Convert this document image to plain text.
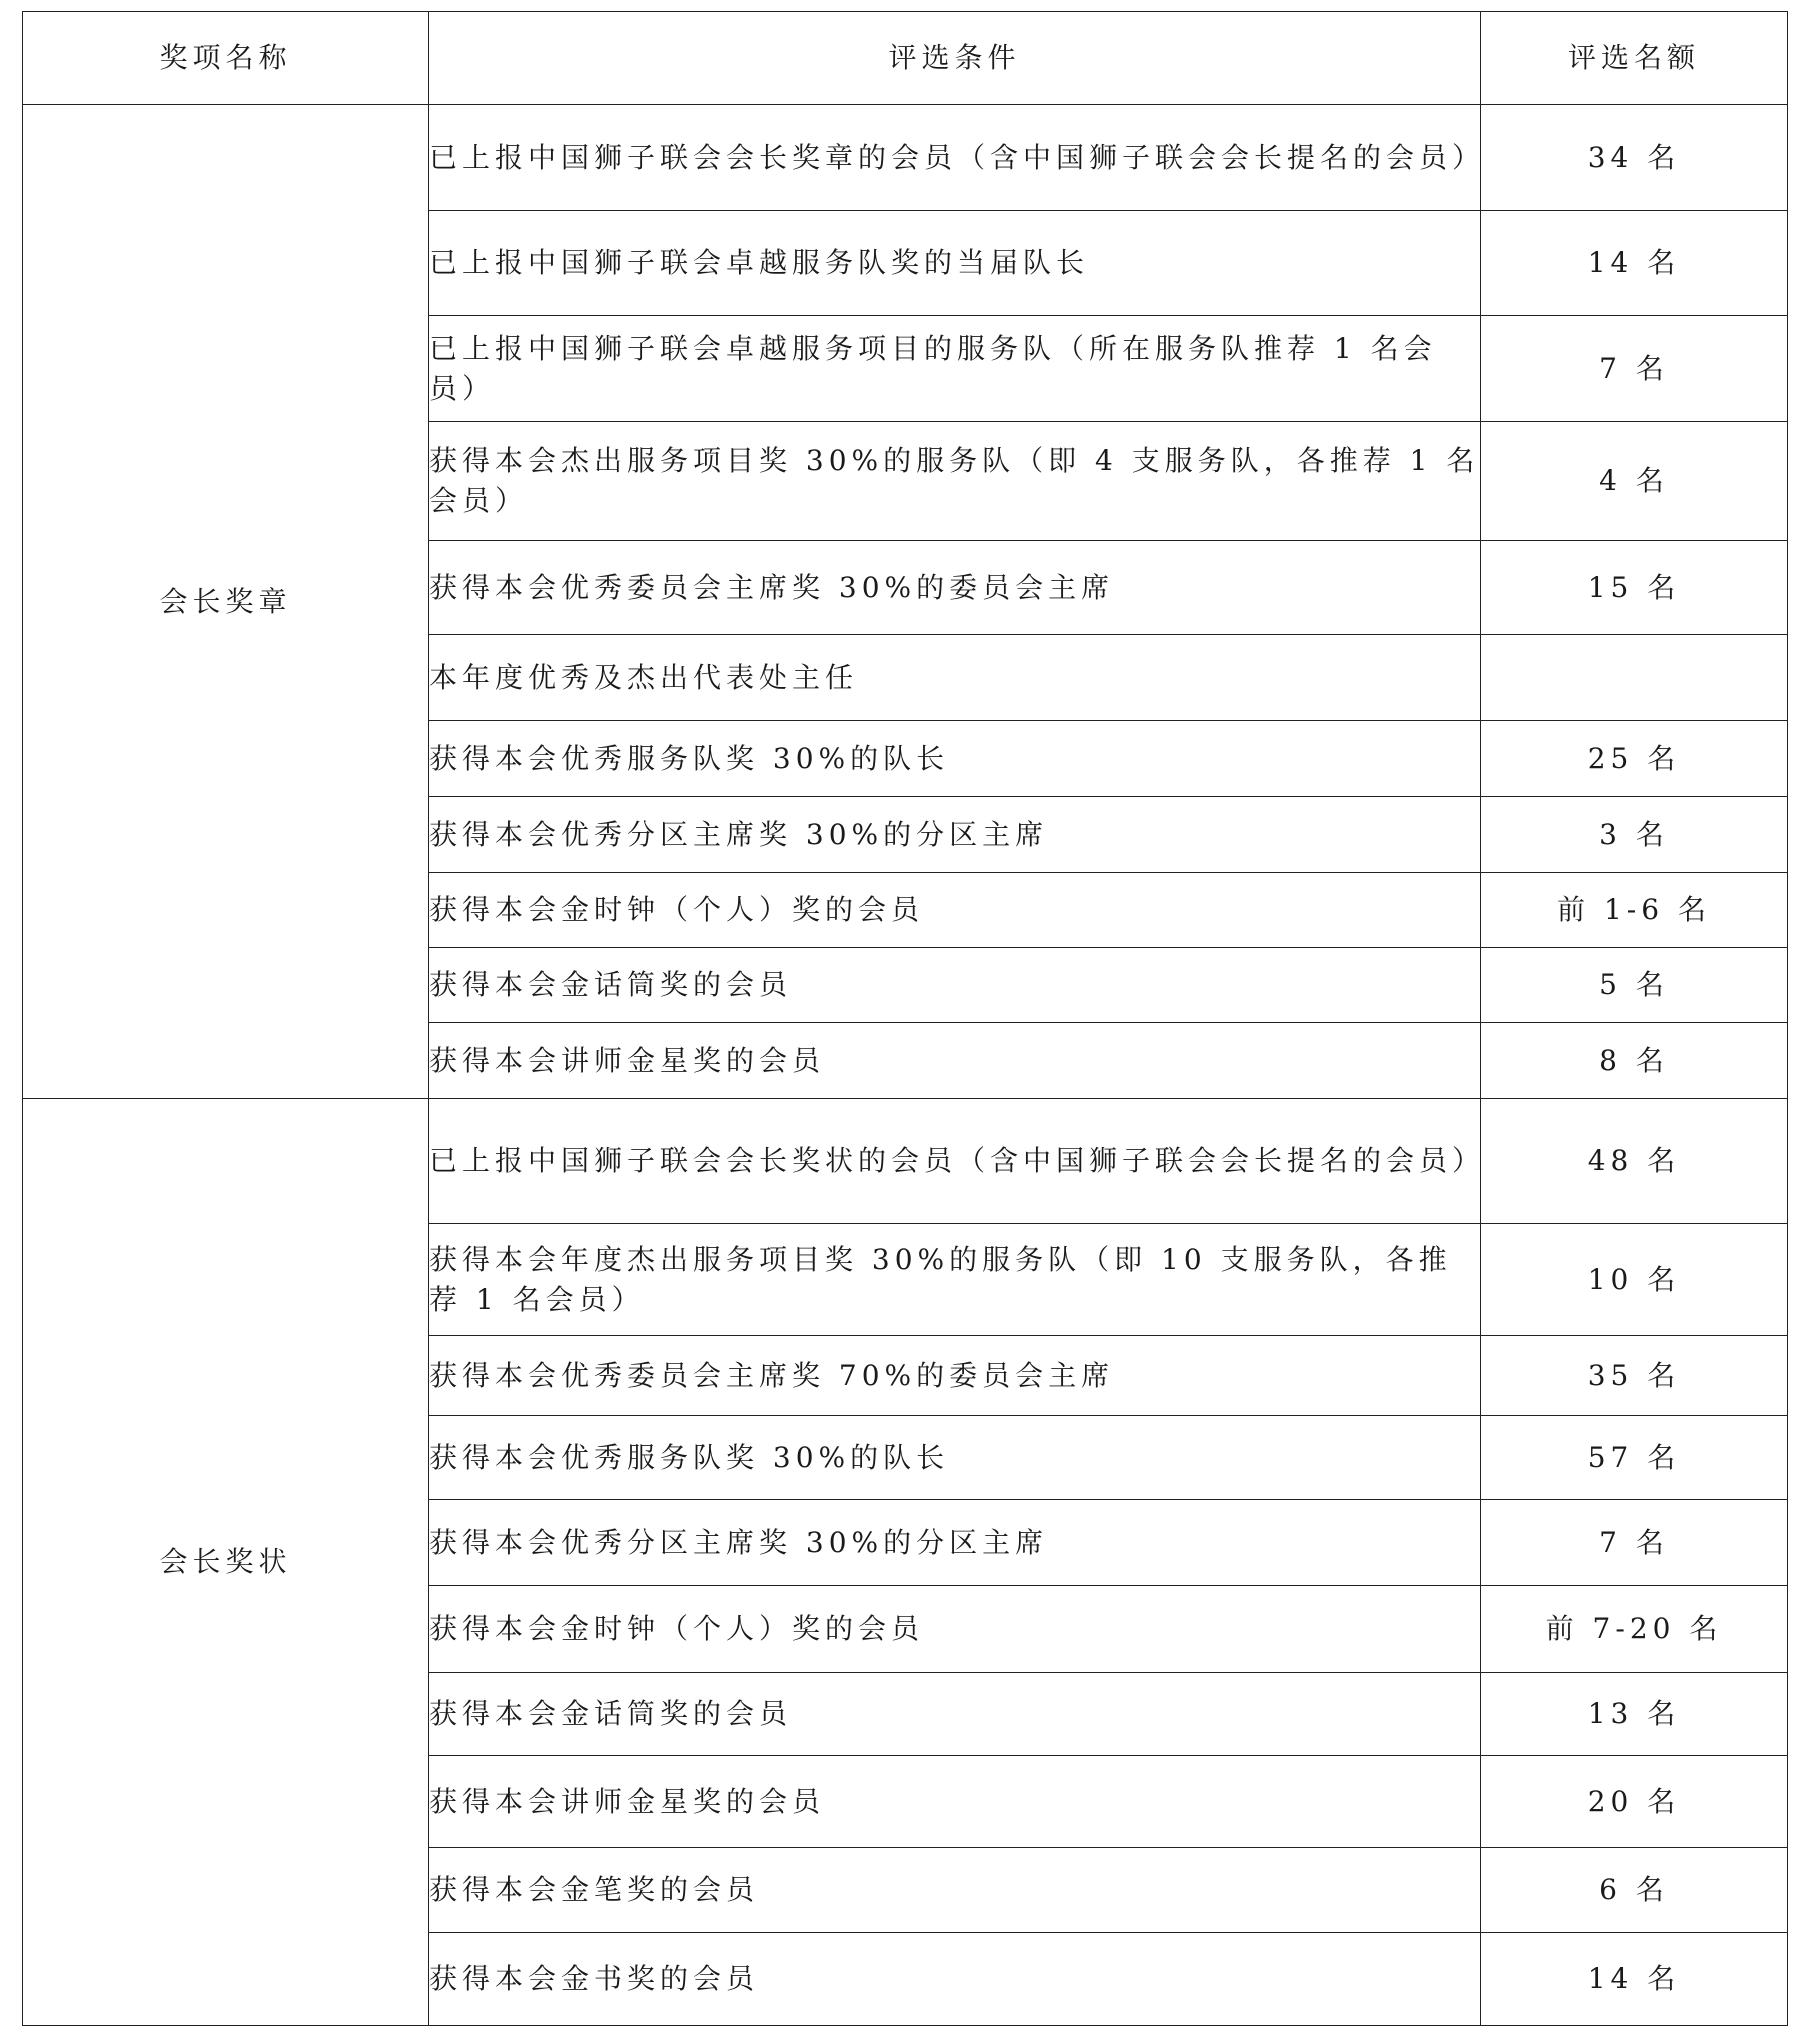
奖项名称	评选条件	评选名额
会长奖章	已上报中国狮子联会会长奖章的会员（含中国狮子联会会长提名的会员）	34 名
	已上报中国狮子联会卓越服务队奖的当届队长	14 名
	已上报中国狮子联会卓越服务项目的服务队（所在服务队推荐 1 名会员）	7 名
	获得本会杰出服务项目奖 30%的服务队（即 4 支服务队，各推荐 1 名会员）	4 名
	获得本会优秀委员会主席奖 30%的委员会主席	15 名
	本年度优秀及杰出代表处主任	
	获得本会优秀服务队奖 30%的队长	25 名
	获得本会优秀分区主席奖 30%的分区主席	3 名
	获得本会金时钟（个人）奖的会员	前 1-6 名
	获得本会金话筒奖的会员	5 名
	获得本会讲师金星奖的会员	8 名
会长奖状	已上报中国狮子联会会长奖状的会员（含中国狮子联会会长提名的会员）	48 名
	获得本会年度杰出服务项目奖 30%的服务队（即 10 支服务队，各推荐 1 名会员）	10 名
	获得本会优秀委员会主席奖 70%的委员会主席	35 名
	获得本会优秀服务队奖 30%的队长	57 名
	获得本会优秀分区主席奖 30%的分区主席	7 名
	获得本会金时钟（个人）奖的会员	前 7-20 名
	获得本会金话筒奖的会员	13 名
	获得本会讲师金星奖的会员	20 名
	获得本会金笔奖的会员	6 名
	获得本会金书奖的会员	14 名
